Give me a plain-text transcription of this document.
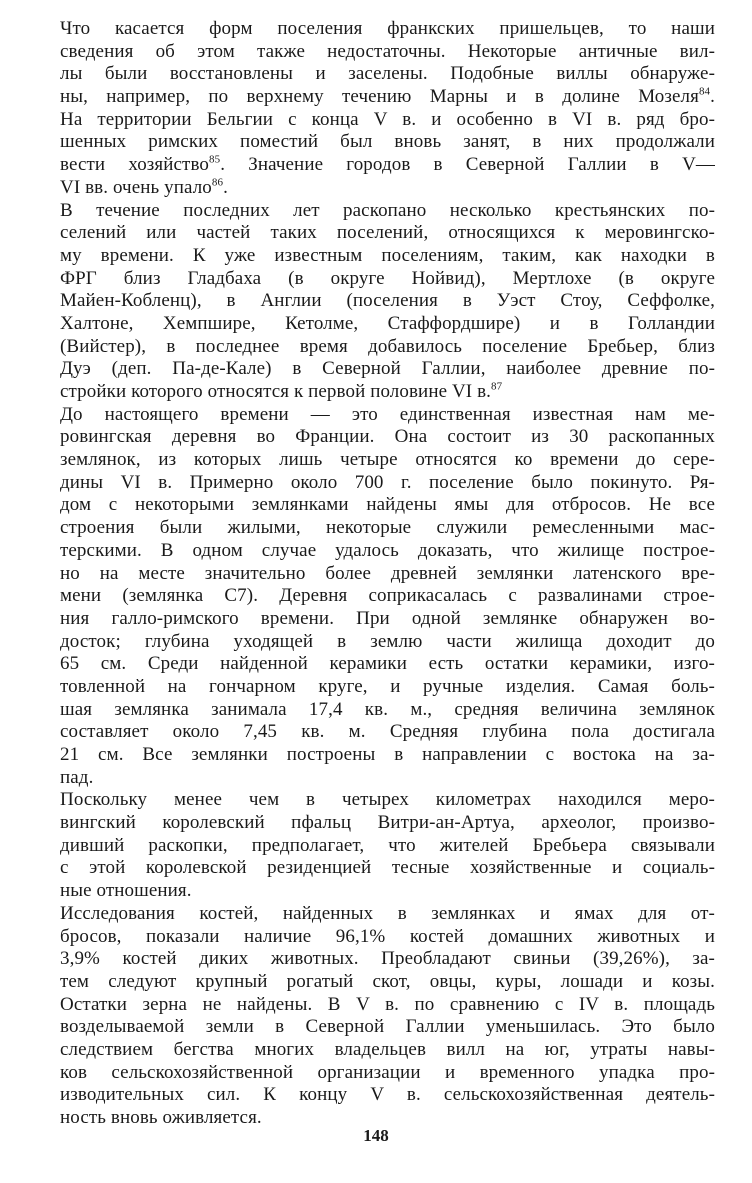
Что касается форм поселения франкских пришельцев, то наши
сведения об этом также недостаточны. Некоторые античные вил-
лы были восстановлены и заселены. Подобные виллы обнаруже-
ны, например, по верхнему течению Марны и в долине Мозеля$^{84}$.
На территории Бельгии с конца V в. и особенно в VI в. ряд бро-
шенных римских поместий был вновь занят, в них продолжали
вести хозяйство$^{85}$. Значение городов в Северной Галлии в V—
VI вв. очень упало$^{86}$.
В течение последних лет раскопано несколько крестьянских по-
селений или частей таких поселений, относящихся к меровингско-
му времени. К уже известным поселениям, таким, как находки в
ФРГ близ Гладбаха (в округе Нойвид), Мертлохе (в округе
Майен-Кобленц), в Англии (поселения в Уэст Стоу, Сеффолке,
Халтоне, Хемпшире, Кетолме, Стаффордшире) и в Голландии
(Вийстер), в последнее время добавилось поселение Бребьер, близ
Дуэ (деп. Па-де-Кале) в Северной Галлии, наиболее древние по-
стройки которого относятся к первой половине VI в.$^{87}$
До настоящего времени — это единственная известная нам ме-
ровингская деревня во Франции. Она состоит из 30 раскопанных
землянок, из которых лишь четыре относятся ко времени до сере-
дины VI в. Примерно около 700 г. поселение было покинуто. Ря-
дом с некоторыми землянками найдены ямы для отбросов. Не все
строения были жилыми, некоторые служили ремесленными мас-
терскими. В одном случае удалось доказать, что жилище построе-
но на месте значительно более древней землянки латенского вре-
мени (землянка С7). Деревня соприкасалась с развалинами строе-
ния галло-римского времени. При одной землянке обнаружен во-
досток; глубина уходящей в землю части жилища доходит до
65 см. Среди найденной керамики есть остатки керамики, изго-
товленной на гончарном круге, и ручные изделия. Самая боль-
шая землянка занимала 17,4 кв. м., средняя величина землянок
составляет около 7,45 кв. м. Средняя глубина пола достигала
21 см. Все землянки построены в направлении с востока на за-
пад.
Поскольку менее чем в четырех километрах находился меро-
вингский королевский пфальц Витри-ан-Артуа, археолог, произво-
дивший раскопки, предполагает, что жителей Бребьера связывали
с этой королевской резиденцией тесные хозяйственные и социаль-
ные отношения.
Исследования костей, найденных в землянках и ямах для от-
бросов, показали наличие 96,1% костей домашних животных и
3,9% костей диких животных. Преобладают свиньи (39,26%), за-
тем следуют крупный рогатый скот, овцы, куры, лошади и козы.
Остатки зерна не найдены. В V в. по сравнению с IV в. площадь
возделываемой земли в Северной Галлии уменьшилась. Это было
следствием бегства многих владельцев вилл на юг, утраты навы-
ков сельскохозяйственной организации и временного упадка про-
изводительных сил. К концу V в. сельскохозяйственная деятель-
ность вновь оживляется.
148
